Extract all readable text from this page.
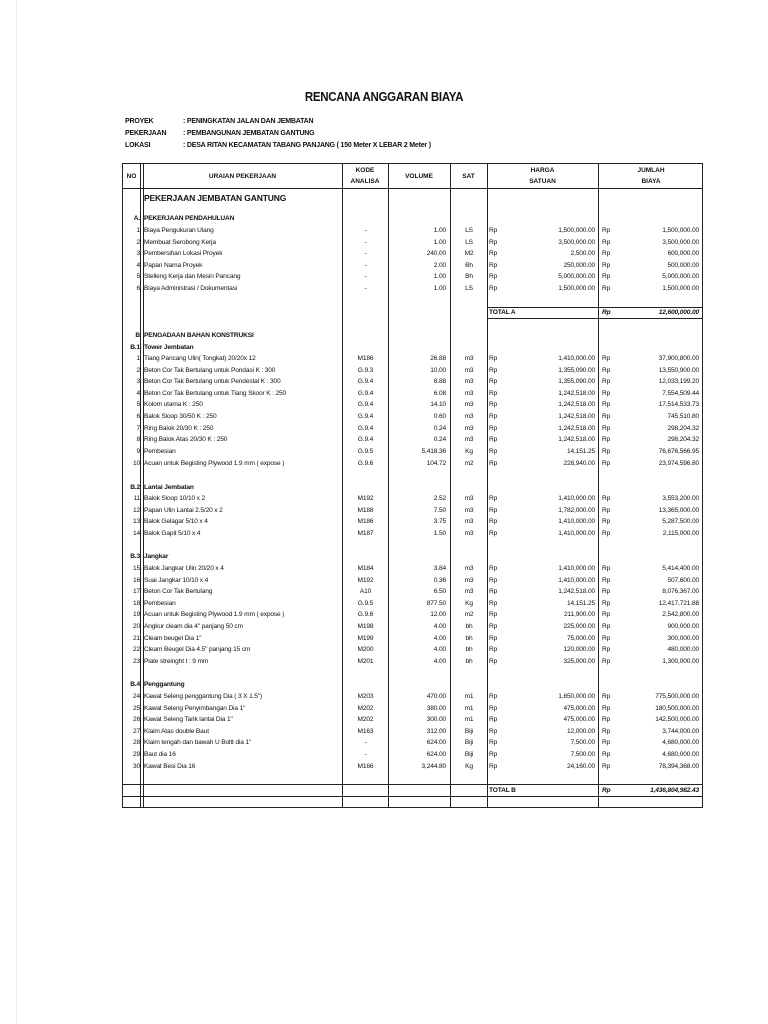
RENCANA ANGGARAN BIAYA
PROYEK	: PENINGKATAN JALAN DAN JEMBATAN
PEKERJAAN : PEMBANGUNAN JEMBATAN GANTUNG
LOKASI	: DESA RITAN KECAMATAN TABANG PANJANG ( 150 Meter X LEBAR 2 Meter )
NO	URAIAN PEKERJAAN
KODE
ANALISA
VOLUME	SAT
HARGA
SATUAN
JUMLAH
BIAYA
PEKERJAAN JEMBATAN GANTUNG
A. PEKERJAAN PENDAHULUAN
1 Biaya Pengukuran Ulang	-	1.00	LS	Rp	1,500,000.00 Rp	1,500,000.00
2 Membuat Serobong Kerja	-	1.00	LS	Rp	3,500,000.00 Rp	3,500,000.00
3 Pembersihan Lokasi Proyek	-	240.00	M2	Rp	2,500.00 Rp	600,000.00
4 Papan Nama Proyek	-	2.00	Bh	Rp	250,000.00 Rp	500,000.00
5 Stelleng Kerja dan Mesin Pancang	-	1.00	Bh	Rp	5,000,000.00 Rp	5,000,000.00
6 Biaya Administrasi / Dokumentasi	-	1.00	LS	Rp	1,500,000.00 Rp	1,500,000.00
B PENGADAAN BAHAN KONSTRUKSI
B.1 Tower Jembatan
1 Tiang Pancang Ulin( Tongkat) 20/20x 12	M186	26.88	m3	Rp	1,410,000.00 Rp	37,900,800.00
2 Beton Cor Tak Bertulang untuk Pondasi K : 300	G.9.3	10.00	m3	Rp	1,355,090.00 Rp	13,550,900.00
3 Beton Cor Tak Bertulang untuk Pendestal K : 300	G.9.4	8.88	m3	Rp	1,355,090.00 Rp	12,033,199.20
4 Beton Cor Tak Bertulang untuk Tiang Skoor K : 250	G.9.4	6.08	m3	Rp	1,242,518.00 Rp	7,554,509.44
5 Kolom utama K : 250	G.9.4	14.10	m3	Rp	1,242,518.00 Rp	17,514,533.73
6 Balok Sloop 30/50 K : 250	G.9.4	0.60	m3	Rp	1,242,518.00 Rp	745,510.80
7 Ring Balok 20/30 K : 250	G.9.4	0.24	m3	Rp	1,242,518.00 Rp	298,204.32
8 Ring Balok Atas 20/30 K : 250	G.9.4	0.24	m3	Rp	1,242,518.00 Rp	298,204.32
9 Pembesian	G.9.5	5,418.36	Kg	Rp	14,151.25 Rp	76,676,566.95
10 Acuan untuk Begisting Plywood 1.9 mm ( expose )	G.9.6	104.72	m2	Rp	228,940.00 Rp	23,974,596.80
B.2 Lantai Jembatan
11 Balok Sloop 10/10 x 2	M192	2.52	m3	Rp	1,410,000.00 Rp	3,553,200.00
12 Papan Ulin Lantai 2.5/20 x 2	M188	7.50	m3	Rp	1,782,000.00 Rp	13,365,000.00
13 Balok Gelagar 5/10 x 4	M186	3.75	m3	Rp	1,410,000.00 Rp	5,287,500.00
14 Balok Gapit 5/10 x 4	M187	1.50	m3	Rp	1,410,000.00 Rp	2,115,000.00
B.3 Jangkar
15 Balok Jangkar Ulin 20/20 x 4	M184	3.84	m3	Rp	1,410,000.00 Rp	5,414,400.00
16 Suai Jangkar 10/10 x 4	M192	0.36	m3	Rp	1,410,000.00 Rp	507,600.00
17 Beton Cor Tak Bertulang	A10	6.50	m3	Rp	1,242,518.00 Rp	8,076,367.00
18 Pembesian	G.9.5	877.50	Kg	Rp	14,151.25 Rp	12,417,721.88
19 Acuan untuk Begisting Plywood 1.9 mm ( expose )	G.9.6	12.00	m2	Rp	211,900.00 Rp	2,542,800.00
20 Angkur cleam dia 4" panjang 50 cm	M198	4.00	bh	Rp	225,000.00 Rp	900,000.00
21 Cleam beugel Dia 1"	M199	4.00	bh	Rp	75,000.00 Rp	300,000.00
22 Cleam Beugel Dia 4.5" panjang 15 cm	M200	4.00	bh	Rp	120,000.00 Rp	480,000.00
23 Plate streinght t : 9 mm	M201	4.00	bh	Rp	325,000.00 Rp	1,300,000.00
B.4 Penggantung
24 Kawat Seleng penggantung Dia ( 3 X 1.5")	M203	470.00	m1	Rp	1,650,000.00 Rp	775,500,000.00
25 Kawat Seleng Penyimbangan Dia 1"	M202	380.00	m1	Rp	475,000.00 Rp	180,500,000.00
26 Kawat Seleng Tarik lantai Dia 1"	M202	300.00	m1	Rp	475,000.00 Rp	142,500,000.00
27 Klaim Atas double Baut	M163	312.00	Biji	Rp	12,000.00 Rp	3,744,000.00
28 Klaim tengah dan bawah U Boltt dia 1"	-	624.00	Biji	Rp	7,500.00 Rp	4,680,000.00
29 Baut dia 16	-	624.00	Biji	Rp	7,500.00 Rp	4,680,000.00
30 Kawat Besi Dia 16	M166	3,244.80	Kg	Rp	24,160.00 Rp	78,394,368.00
TOTAL A	Rp	12,600,000.00
TOTAL B	Rp	1,436,804,982.43
